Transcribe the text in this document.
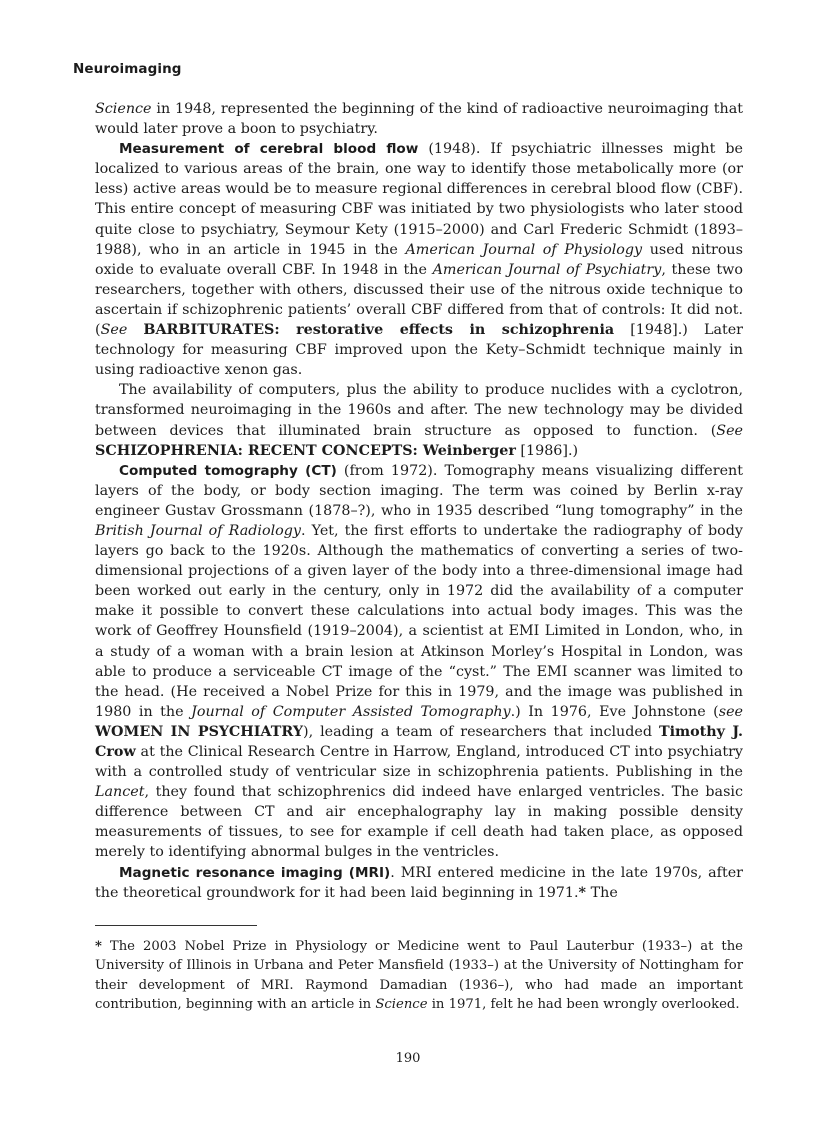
Neuroimaging

Science in 1948, represented the beginning of the kind of radioactive neuroimaging that would later prove a boon to psychiatry.

Measurement of cerebral blood flow (1948). If psychiatric illnesses might be localized to various areas of the brain, one way to identify those metabolically more (or less) active areas would be to measure regional differences in cerebral blood flow (CBF). This entire concept of measuring CBF was initiated by two physiologists who later stood quite close to psychiatry, Seymour Kety (1915–2000) and Carl Frederic Schmidt (1893–1988), who in an article in 1945 in the American Journal of Physiology used nitrous oxide to evaluate overall CBF. In 1948 in the American Journal of Psychiatry, these two researchers, together with others, discussed their use of the nitrous oxide technique to ascertain if schizophrenic patients’ overall CBF differed from that of controls: It did not. (See BARBITURATES: restorative effects in schizophrenia [1948].) Later technology for measuring CBF improved upon the Kety–Schmidt technique mainly in using radioactive xenon gas.

The availability of computers, plus the ability to produce nuclides with a cyclotron, transformed neuroimaging in the 1960s and after. The new technology may be divided between devices that illuminated brain structure as opposed to function. (See SCHIZOPHRENIA: RECENT CONCEPTS: Weinberger [1986].)

Computed tomography (CT) (from 1972). Tomography means visualizing different layers of the body, or body section imaging. The term was coined by Berlin x-ray engineer Gustav Grossmann (1878–?), who in 1935 described “lung tomography” in the British Journal of Radiology. Yet, the first efforts to undertake the radiography of body layers go back to the 1920s. Although the mathematics of converting a series of two-dimensional projections of a given layer of the body into a three-dimensional image had been worked out early in the century, only in 1972 did the availability of a computer make it possible to convert these calculations into actual body images. This was the work of Geoffrey Hounsfield (1919–2004), a scientist at EMI Limited in London, who, in a study of a woman with a brain lesion at Atkinson Morley’s Hospital in London, was able to produce a serviceable CT image of the “cyst.” The EMI scanner was limited to the head. (He received a Nobel Prize for this in 1979, and the image was published in 1980 in the Journal of Computer Assisted Tomography.) In 1976, Eve Johnstone (see WOMEN IN PSYCHIATRY), leading a team of researchers that included Timothy J. Crow at the Clinical Research Centre in Harrow, England, introduced CT into psychiatry with a controlled study of ventricular size in schizophrenia patients. Publishing in the Lancet, they found that schizophrenics did indeed have enlarged ventricles. The basic difference between CT and air encephalography lay in making possible density measurements of tissues, to see for example if cell death had taken place, as opposed merely to identifying abnormal bulges in the ventricles.

Magnetic resonance imaging (MRI). MRI entered medicine in the late 1970s, after the theoretical groundwork for it had been laid beginning in 1971.* The

* The 2003 Nobel Prize in Physiology or Medicine went to Paul Lauterbur (1933–) at the University of Illinois in Urbana and Peter Mansfield (1933–) at the University of Nottingham for their development of MRI. Raymond Damadian (1936–), who had made an important contribution, beginning with an article in Science in 1971, felt he had been wrongly overlooked.
190
